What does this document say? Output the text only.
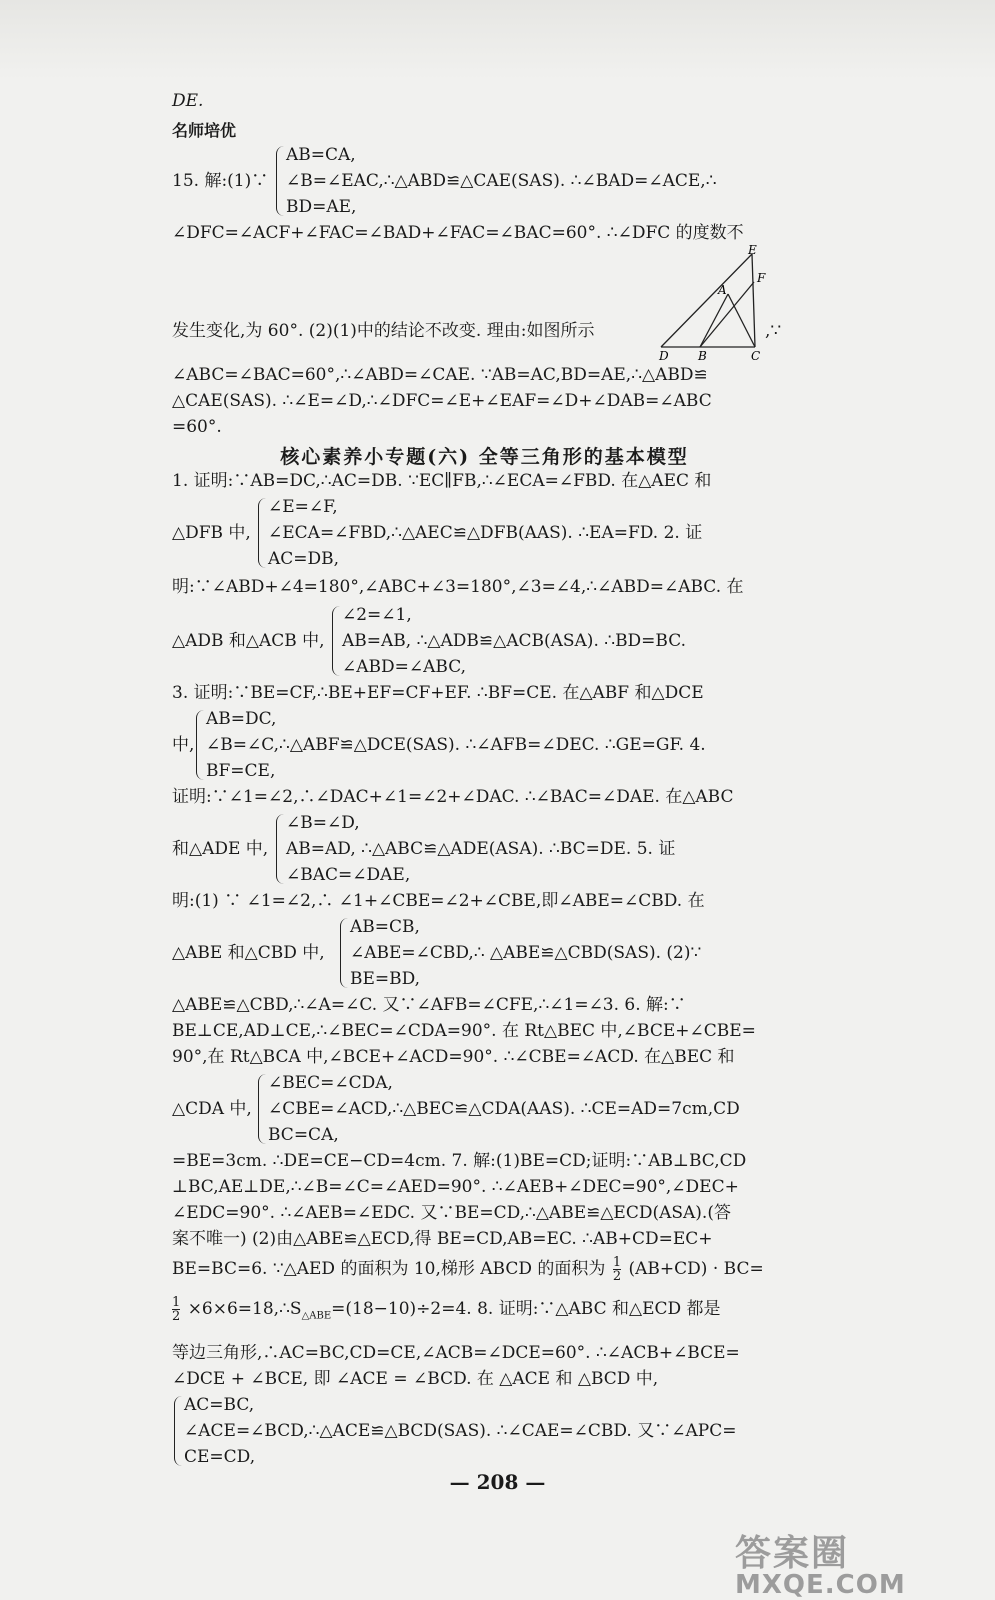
DE.
名师培优
15. 解:(1)∵
AB=CA,
∠B=∠EAC,∴△ABD≌△CAE(SAS). ∴∠BAD=∠ACE,∴
BD=AE,
∠DFC=∠ACF+∠FAC=∠BAD+∠FAC=∠BAC=60°. ∴∠DFC 的度数不
发生变化,为 60°. (2)(1)中的结论不改变. 理由:如图所示	,∵
E
F
A
D B	C
∠ABC=∠BAC=60°,∴∠ABD=∠CAE. ∵AB=AC,BD=AE,∴△ABD≌
△CAE(SAS). ∴∠E=∠D,∴∠DFC=∠E+∠EAF=∠D+∠DAB=∠ABC
=60°.
核心素养小专题(六) 全等三角形的基本模型
1. 证明:∵AB=DC,∴AC=DB. ∵EC∥FB,∴∠ECA=∠FBD. 在△AEC 和
△DFB 中,
∠E=∠F,
∠ECA=∠FBD,∴△AEC≌△DFB(AAS). ∴EA=FD. 2. 证
AC=DB,
明:∵∠ABD+∠4=180°,∠ABC+∠3=180°,∠3=∠4,∴∠ABD=∠ABC. 在
△ADB 和△ACB 中,
∠2=∠1,
AB=AB, ∴△ADB≌△ACB(ASA). ∴BD=BC.
∠ABD=∠ABC,
3. 证明:∵BE=CF,∴BE+EF=CF+EF. ∴BF=CE. 在△ABF 和△DCE
中,
AB=DC,
∠B=∠C,∴△ABF≌△DCE(SAS). ∴∠AFB=∠DEC. ∴GE=GF. 4.
BF=CE,
证明:∵∠1=∠2,∴∠DAC+∠1=∠2+∠DAC. ∴∠BAC=∠DAE. 在△ABC
和△ADE 中,
∠B=∠D,
AB=AD, ∴△ABC≌△ADE(ASA). ∴BC=DE. 5. 证
∠BAC=∠DAE,
明:(1) ∵ ∠1=∠2,∴ ∠1+∠CBE=∠2+∠CBE,即∠ABE=∠CBD. 在
△ABE 和△CBD 中,
AB=CB,
∠ABE=∠CBD,∴ △ABE≌△CBD(SAS). (2)∵
BE=BD,
△ABE≌△CBD,∴∠A=∠C. 又∵∠AFB=∠CFE,∴∠1=∠3. 6. 解:∵
BE⊥CE,AD⊥CE,∴∠BEC=∠CDA=90°. 在 Rt△BEC 中,∠BCE+∠CBE=
90°,在 Rt△BCA 中,∠BCE+∠ACD=90°. ∴∠CBE=∠ACD. 在△BEC 和
△CDA 中,
∠BEC=∠CDA,
∠CBE=∠ACD,∴△BEC≌△CDA(AAS). ∴CE=AD=7cm,CD
BC=CA,
=BE=3cm. ∴DE=CE−CD=4cm. 7. 解:(1)BE=CD;证明:∵AB⊥BC,CD
⊥BC,AE⊥DE,∴∠B=∠C=∠AED=90°. ∴∠AEB+∠DEC=90°,∠DEC+
∠EDC=90°. ∴∠AEB=∠EDC. 又∵BE=CD,∴△ABE≌△ECD(ASA).(答
案不唯一) (2)由△ABE≌△ECD,得 BE=CD,AB=EC. ∴AB+CD=EC+
BE=BC=6. ∵△AED 的面积为 10,梯形 ABCD 的面积为 $\frac{1}{2} (AB+CD) \cdot BC=$
$\frac{1}{2}$ $\times 6\times 6=18,\therefore S_{\triangle ABE}=(18-10)\div 2=4$. 8. 证明:∵△ABC 和△ECD 都是
等边三角形,∴AC=BC,CD=CE,∠ACB=∠DCE=60°. ∴∠ACB+∠BCE=
∠DCE + ∠BCE, 即 ∠ACE = ∠BCD. 在 △ACE 和 △BCD 中,
AC=BC,
∠ACE=∠BCD,∴△ACE≌△BCD(SAS). ∴∠CAE=∠CBD. 又∵∠APC=
CE=CD,
— 208 —
答案圈
MXQE.COM
